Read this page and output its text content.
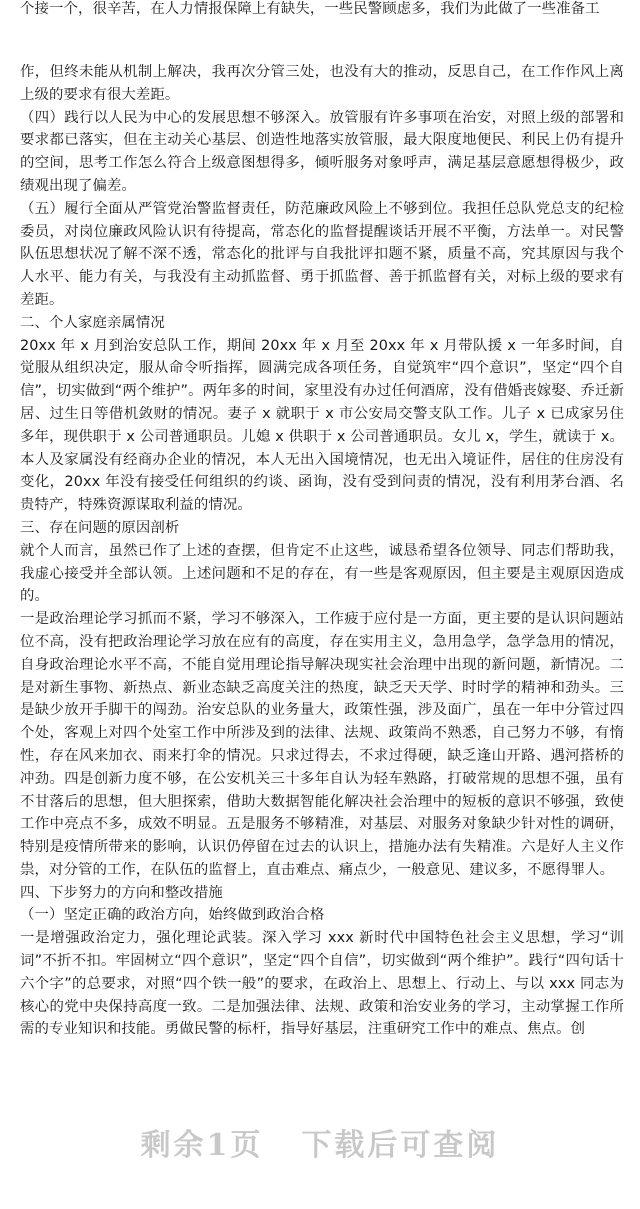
个接一个，很辛苦，在人力情报保障上有缺失，一些民警顾虑多，我们为此做了一些准备工

作，但终未能从机制上解决，我再次分管三处，也没有大的推动，反思自己，在工作作风上离上级的要求有很大差距。

（四）践行以人民为中心的发展思想不够深入。放管服有许多事项在治安，对照上级的部署和要求都已落实，但在主动关心基层、创造性地落实放管服，最大限度地便民、利民上仍有提升的空间，思考工作怎么符合上级意图想得多，倾听服务对象呼声，满足基层意愿想得极少，政绩观出现了偏差。

（五）履行全面从严管党治警监督责任，防范廉政风险上不够到位。我担任总队党总支的纪检委员，对岗位廉政风险认识有待提高，常态化的监督提醒谈话开展不平衡，方法单一。对民警队伍思想状况了解不深不透，常态化的批评与自我批评扣题不紧，质量不高，究其原因与我个人水平、能力有关，与我没有主动抓监督、勇于抓监督、善于抓监督有关，对标上级的要求有差距。

二、个人家庭亲属情况

20xx 年 x 月到治安总队工作，期间 20xx 年 x 月至 20xx 年 x 月带队援 x 一年多时间，自觉服从组织决定，服从命令听指挥，圆满完成各项任务，自觉筑牢“四个意识”，坚定“四个自信”，切实做到“两个维护”。两年多的时间，家里没有办过任何酒席，没有借婚丧嫁娶、乔迁新居、过生日等借机敛财的情况。妻子 x 就职于 x 市公安局交警支队工作。儿子 x 已成家另住多年，现供职于 x 公司普通职员。儿媳 x 供职于 x 公司普通职员。女儿 x，学生，就读于 x。本人及家属没有经商办企业的情况，本人无出入国境情况，也无出入境证件，居住的住房没有变化，20xx 年没有接受任何组织的约谈、函询，没有受到问责的情况，没有利用茅台酒、名贵特产，特殊资源谋取利益的情况。

三、存在问题的原因剖析

就个人而言，虽然已作了上述的查摆，但肯定不止这些，诚恳希望各位领导、同志们帮助我，我虚心接受并全部认领。上述问题和不足的存在，有一些是客观原因，但主要是主观原因造成的。

一是政治理论学习抓而不紧，学习不够深入，工作疲于应付是一方面，更主要的是认识问题站位不高，没有把政治理论学习放在应有的高度，存在实用主义，急用急学，急学急用的情况，自身政治理论水平不高，不能自觉用理论指导解决现实社会治理中出现的新问题，新情况。二是对新生事物、新热点、新业态缺乏高度关注的热度，缺乏天天学、时时学的精神和劲头。三是缺少放开手脚干的闯劲。治安总队的业务量大，政策性强，涉及面广，虽在一年中分管过四个处，客观上对四个处室工作中所涉及到的法律、法规、政策尚不熟悉，自己努力不够，有惰性，存在风来加衣、雨来打伞的情况。只求过得去，不求过得硬，缺乏逢山开路、遇河搭桥的冲劲。四是创新力度不够，在公安机关三十多年自认为轻车熟路，打破常规的思想不强，虽有不甘落后的思想，但大胆探索，借助大数据智能化解决社会治理中的短板的意识不够强，致使工作中亮点不多，成效不明显。五是服务不够精准，对基层、对服务对象缺少针对性的调研，特别是疫情所带来的影响，认识仍停留在过去的认识上，措施办法有失精准。六是好人主义作祟，对分管的工作，在队伍的监督上，直击难点、痛点少，一般意见、建议多，不愿得罪人。

四、下步努力的方向和整改措施

（一）坚定正确的政治方向，始终做到政治合格

一是增强政治定力，强化理论武装。深入学习 xxx 新时代中国特色社会主义思想，学习“训词”不折不扣。牢固树立“四个意识”，坚定“四个自信”，切实做到“两个维护”。践行“四句话十六个字”的总要求，对照“四个铁一般”的要求，在政治上、思想上、行动上、与以 xxx 同志为核心的党中央保持高度一致。二是加强法律、法规、政策和治安业务的学习，主动掌握工作所需的专业知识和技能。勇做民警的标杆，指导好基层，注重研究工作中的难点、焦点。创

剩余1页 下载后可查阅
